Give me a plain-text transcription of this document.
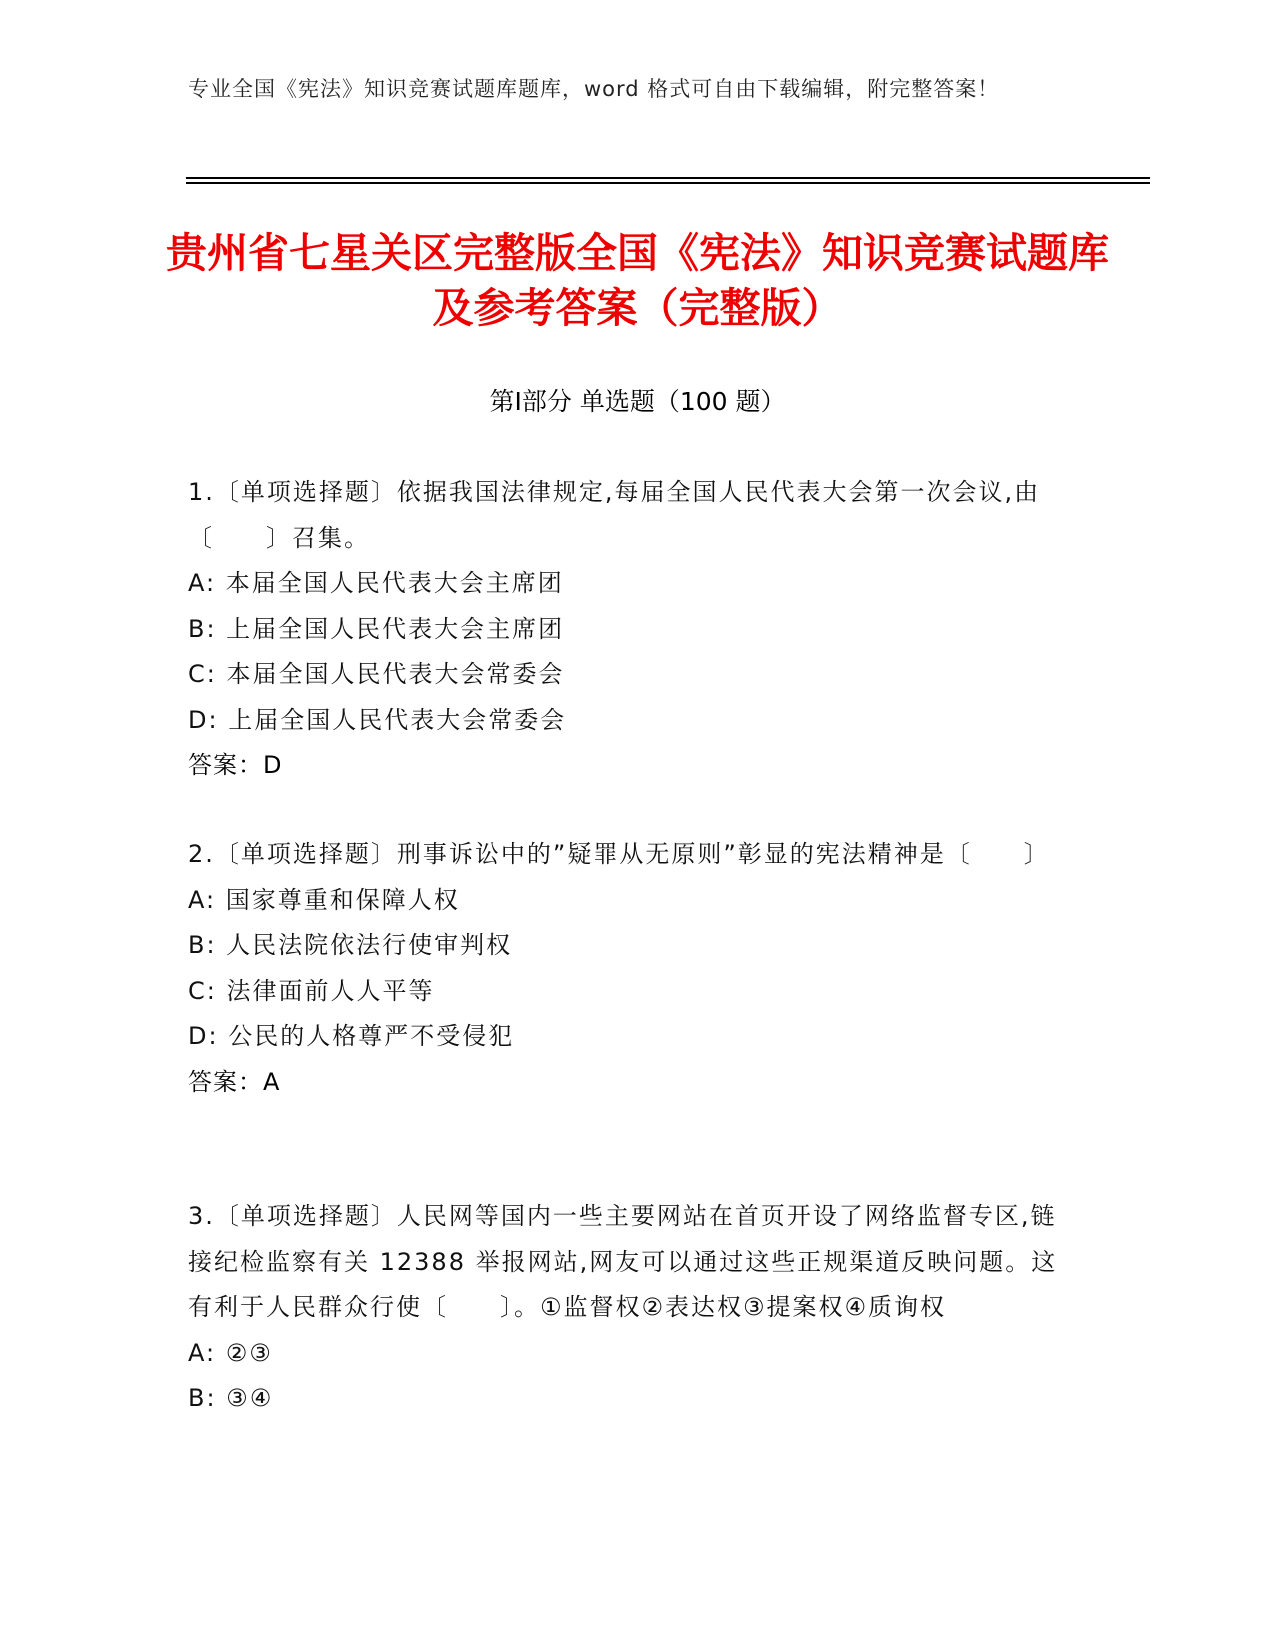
专业全国《宪法》知识竞赛试题库题库，word 格式可自由下载编辑，附完整答案！
贵州省七星关区完整版全国《宪法》知识竞赛试题库及参考答案（完整版）
第Ⅰ部分 单选题（100 题）
1.〔单项选择题〕依据我国法律规定,每届全国人民代表大会第一次会议,由〔　　〕召集。
A: 本届全国人民代表大会主席团
B: 上届全国人民代表大会主席团
C: 本届全国人民代表大会常委会
D: 上届全国人民代表大会常委会
答案：D
2.〔单项选择题〕刑事诉讼中的”疑罪从无原则”彰显的宪法精神是〔　　〕
A: 国家尊重和保障人权
B: 人民法院依法行使审判权
C: 法律面前人人平等
D: 公民的人格尊严不受侵犯
答案：A
3.〔单项选择题〕人民网等国内一些主要网站在首页开设了网络监督专区,链接纪检监察有关 12388 举报网站,网友可以通过这些正规渠道反映问题。这有利于人民群众行使〔　　〕。①监督权②表达权③提案权④质询权
A: ②③
B: ③④
